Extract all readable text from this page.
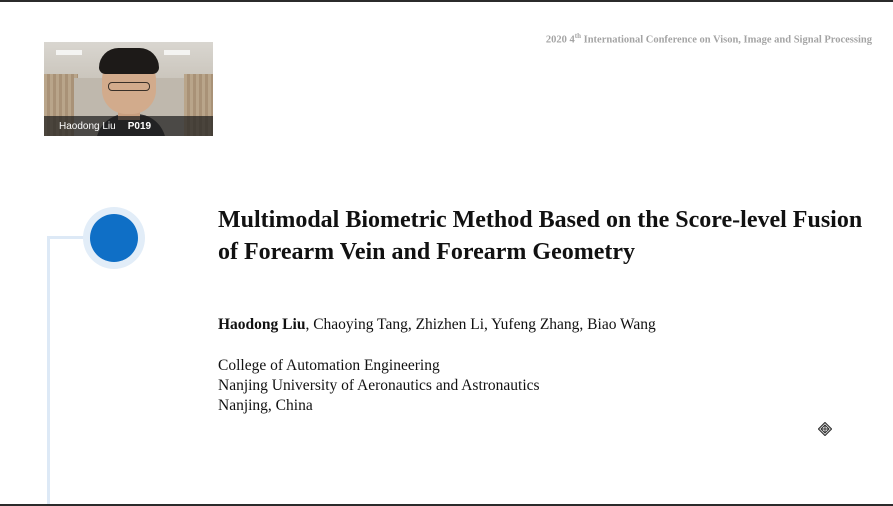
2020 4th International Conference on Vison, Image and Signal Processing
Haodong Liu P019
Multimodal Biometric Method Based on the Score-level Fusion of Forearm Vein and Forearm Geometry
Haodong Liu, Chaoying Tang, Zhizhen Li, Yufeng Zhang, Biao Wang
College of Automation Engineering
Nanjing University of Aeronautics and Astronautics
Nanjing, China
